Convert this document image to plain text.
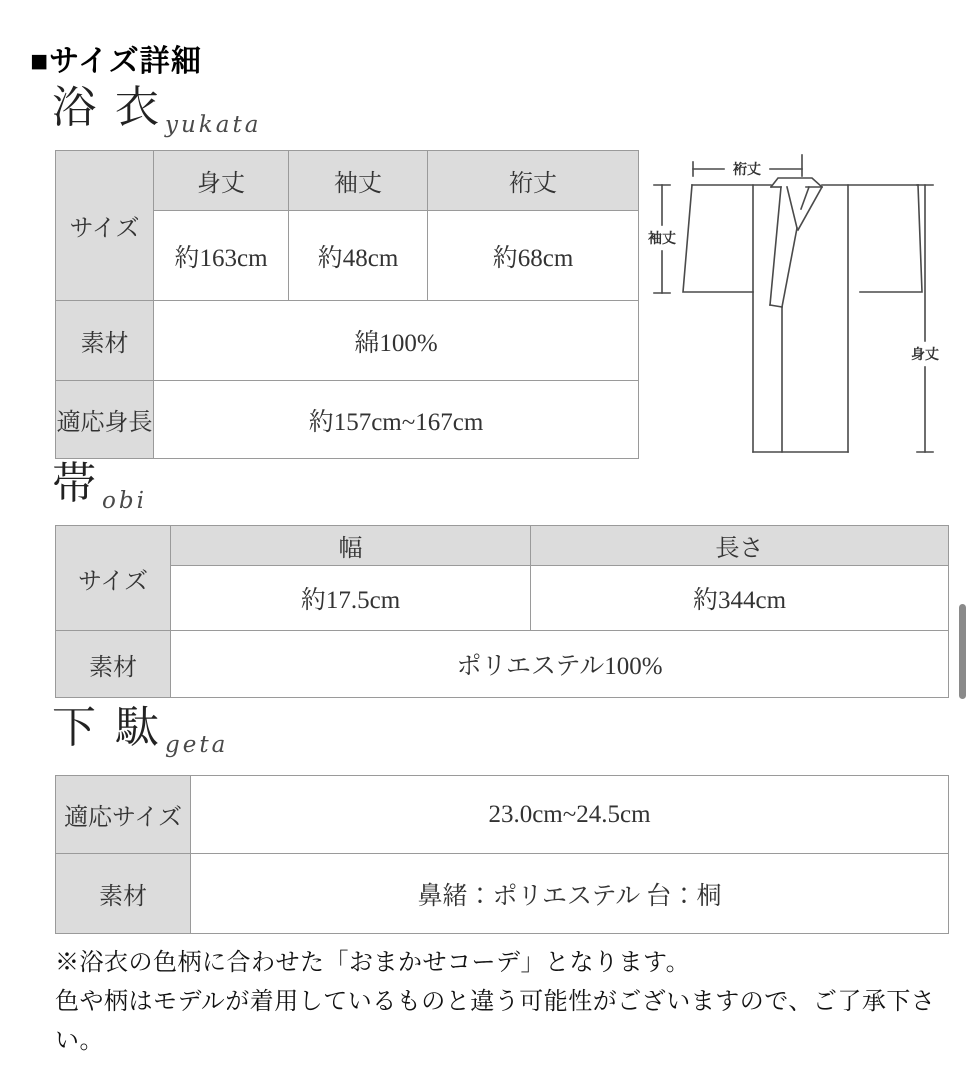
■サイズ詳細
浴 衣 yukata
サイズ	身丈	袖丈	裄丈
	約163cm	約48cm	約68cm
素材	綿100%		
適応身長	約157cm~167cm		
裄丈
袖丈
身丈
帯 obi
サイズ	幅	長さ
	約17.5cm	約344cm
素材	ポリエステル100%	
下 駄 geta
適応サイズ	23.0cm~24.5cm
素材	鼻緒：ポリエステル 台：桐
※浴衣の色柄に合わせた「おまかせコーデ」となります。
色や柄はモデルが着用しているものと違う可能性がございますので、ご了承下さい。
